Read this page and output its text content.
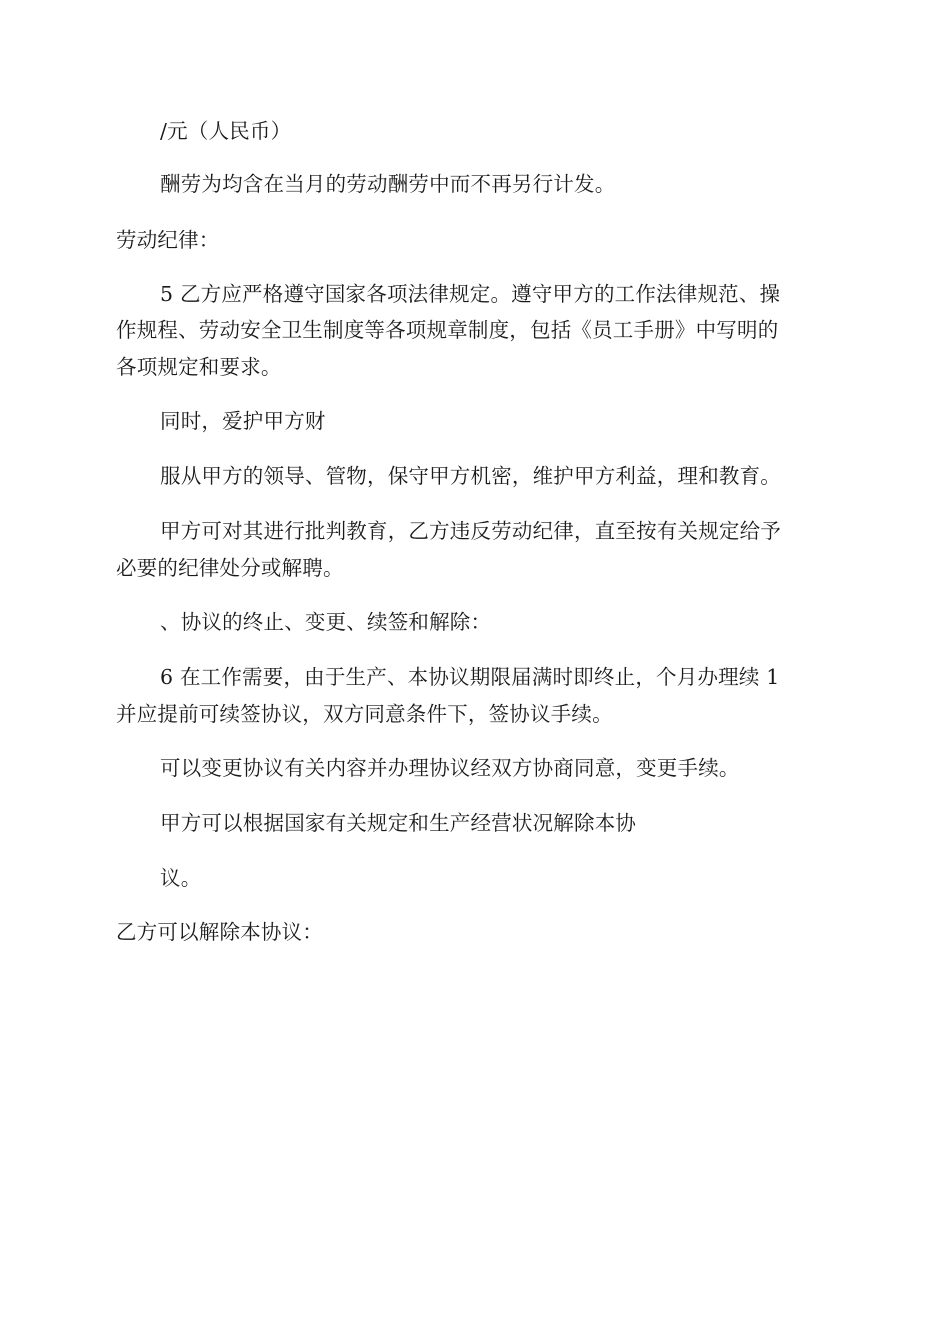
/元（人民币）
酬劳为均含在当月的劳动酬劳中而不再另行计发。
劳动纪律：
5 乙方应严格遵守国家各项法律规定。遵守甲方的工作法律规范、操
作规程、劳动安全卫生制度等各项规章制度，包括《员工手册》中写明的
各项规定和要求。
同时，爱护甲方财
服从甲方的领导、管物，保守甲方机密，维护甲方利益，理和教育。
甲方可对其进行批判教育，乙方违反劳动纪律，直至按有关规定给予
必要的纪律处分或解聘。
、协议的终止、变更、续签和解除：
6 在工作需要，由于生产、本协议期限届满时即终止，个月办理续 1
并应提前可续签协议，双方同意条件下，签协议手续。
可以变更协议有关内容并办理协议经双方协商同意，变更手续。
甲方可以根据国家有关规定和生产经营状况解除本协
议。
乙方可以解除本协议：
